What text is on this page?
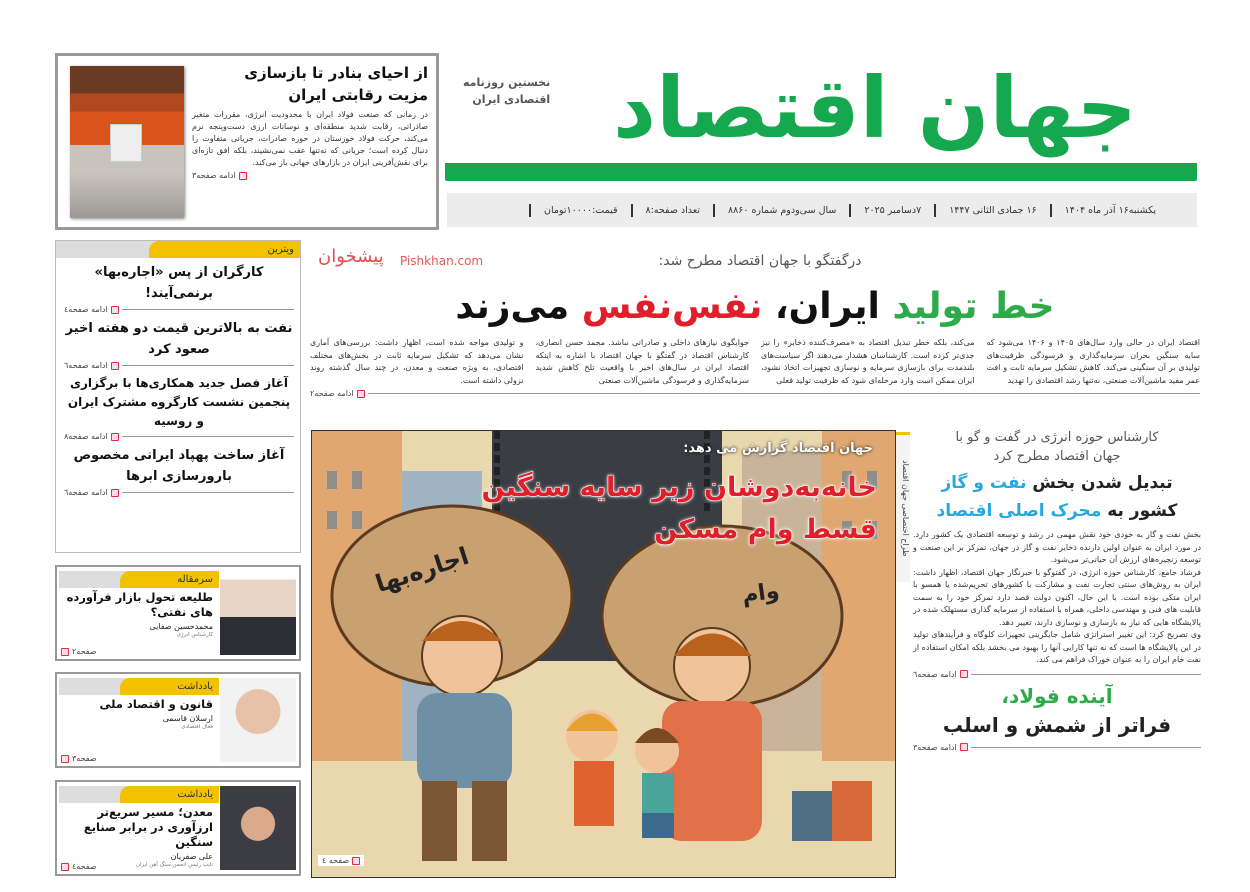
از احیای بنادر تا بازسازی
مزیت رقابتی ایران
در زمانی که صنعت فولاد ایران با محدودیت انرژی، مقررات متغیر صادراتی، رقابت شدید منطقه‌ای و نوسانات ارزی دست‌وپنجه نرم می‌کند، حرکت فولاد خوزستان در حوزه صادرات، جریانی متفاوت را دنبال کرده است؛ جریانی که نه‌تنها عقب نمی‌نشیند، بلکه افق تازه‌ای برای نقش‌آفرینی ایران در بازارهای جهانی باز می‌کند.
ادامه صفحه۳
جهان اقتصاد
نخستین روزنامه
اقتصادی ایران
یکشنبه۱۶ آذر ماه ۱۴۰۴
۱۶ جمادی الثانی ۱۴۴۷
۷دسامبر ۲۰۲۵
سال سی‌ودوم شماره ۸۸۶۰
تعداد صفحه:۸
قیمت:۱۰۰۰۰تومان
درگفتگو با جهان اقتصاد مطرح شد:
خط تولید ایران، نفس‌نفس می‌زند
پیشخوان Pishkhan.com
اقتصاد ایران در حالی وارد سال‌های ۱۴۰۵ و ۱۴۰۶ می‌شود که سایه سنگین بحران سرمایه‌گذاری و فرسودگی ظرفیت‌های تولیدی بر آن سنگینی می‌کند. کاهش تشکیل سرمایه ثابت و افت عمر مفید ماشین‌آلات صنعتی، نه‌تنها رشد اقتصادی را تهدید
می‌کند، بلکه خطر تبدیل اقتصاد به «مصرف‌کننده ذخایر» را نیز جدی‌تر کرده است. کارشناسان هشدار می‌دهند اگر سیاست‌های بلندمدت برای بازسازی سرمایه و نوسازی تجهیزات اتخاذ نشود، ایران ممکن است وارد مرحله‌ای شود که ظرفیت تولید فعلی
جوابگوی نیازهای داخلی و صادراتی نباشد. محمد حسن انصاری، کارشناس اقتصاد در گفتگو با جهان اقتصاد با اشاره به اینکه اقتصاد ایران در سال‌های اخیر با واقعیت تلخ کاهش شدید سرمایه‌گذاری و فرسودگی ماشین‌آلات صنعتی
و تولیدی مواجه شده است، اظهار داشت: بررسی‌های آماری نشان می‌دهد که تشکیل سرمایه ثابت در بخش‌های مختلف اقتصادی، به ویژه صنعت و معدن، در چند سال گذشته روند نزولی داشته است.
ادامه صفحه۲
جهان اقتصاد گزارش می دهد:
خانه‌به‌دوشان زیر سایه سنگین
قسط وام مسکن
اجاره‌بها	وام
صفحه ٤
طراح اختصاصی جهان اقتصاد
کارشناس حوزه انرژی در گفت و گو با
جهان اقتصاد مطرح کرد
تبدیل شدن بخش نفت و گاز
کشور به محرک اصلی اقتصاد

بخش نفت و گاز به خودی خود نقش مهمی در رشد و توسعه اقتصادی یک کشور دارد. در مورد ایران به عنوان اولین دارنده ذخایر نفت و گاز در جهان، تمرکز بر این صنعت و توسعه زنجیره‌های ارزش آن حیاتی‌تر می‌شود.

فرشاد جامع، کارشناس حوزه انرژی، در گفتوگو با خبرنگار جهان اقتصاد، اظهار داشت: ایران به روش‌های سنتی تجارت نفت و مشارکت با کشورهای تحریم‌شده یا همسو با ایران متکی بوده است. با این حال، اکنون دولت قصد دارد تمرکز خود را به سمت قابلیت های فنی و مهندسی داخلی، همراه با استفاده از سرمایه گذاری مستهلک شده در پالایشگاه هایی که نیاز به بازسازی و نوسازی دارند، تغییر دهد.

وی تصریح کرد: این تغییر استراتژی شامل جایگزینی تجهیزات کلوگاه و فرآیندهای تولید در این پالایشگاه ها است که نه تنها کارایی آنها را بهبود می بخشد بلکه امکان استفاده از نفت خام ایران را به عنوان خوراک فراهم می کند.

ادامه صفحه٦
آینده فولاد،
فراتر از شمش و اسلب
ادامه صفحه۳
ویترین
کارگران از پس «اجاره‌بها» برنمی‌آیند!
ادامه صفحه٤
نفت به بالاترین قیمت دو هفته اخیر صعود کرد
ادامه صفحه٦
آغاز فصل جدید همکاری‌ها با برگزاری پنجمین نشست کارگروه مشترک ایران و روسیه
ادامه صفحه۸
آغاز ساخت پهپاد ایرانی مخصوص بارورسازی ابرها
ادامه صفحه٦
سرمقاله
طلیعه تحول بازار فرآورده های نفتی؟
محمدحسین صفایی
کارشناس انرژی
صفحه۲
یادداشت
قانون و اقتصاد ملی
ارسلان قاسمی
فعال اقتصادی
صفحه۳
یادداشت
معدن؛ مسیر سریع‌تر ارزآوری در برابر صنایع سنگین
علی صفریان
نایب رئیس انجمن سنگ آهن ایران
صفحه٤
